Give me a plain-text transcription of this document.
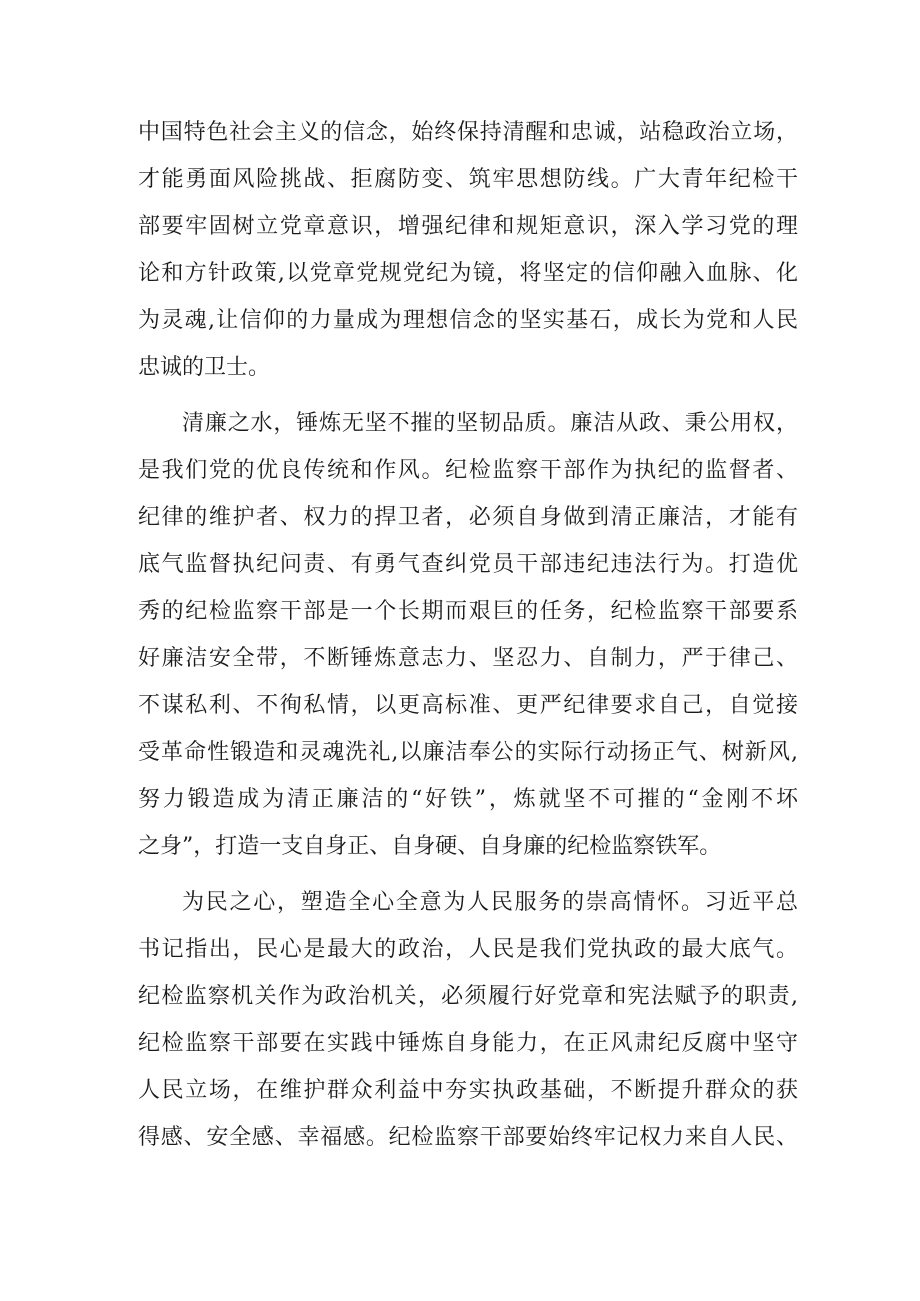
中国特色社会主义的信念，始终保持清醒和忠诚，站稳政治立场，
才能勇面风险挑战、拒腐防变、筑牢思想防线。广大青年纪检干
部要牢固树立党章意识，增强纪律和规矩意识，深入学习党的理
论和方针政策,以党章党规党纪为镜，将坚定的信仰融入血脉、化
为灵魂,让信仰的力量成为理想信念的坚实基石，成长为党和人民
忠诚的卫士。
清廉之水，锤炼无坚不摧的坚韧品质。廉洁从政、秉公用权，
是我们党的优良传统和作风。纪检监察干部作为执纪的监督者、
纪律的维护者、权力的捍卫者，必须自身做到清正廉洁，才能有
底气监督执纪问责、有勇气查纠党员干部违纪违法行为。打造优
秀的纪检监察干部是一个长期而艰巨的任务，纪检监察干部要系
好廉洁安全带，不断锤炼意志力、坚忍力、自制力，严于律己、
不谋私利、不徇私情，以更高标准、更严纪律要求自己，自觉接
受革命性锻造和灵魂洗礼,以廉洁奉公的实际行动扬正气、树新风,
努力锻造成为清正廉洁的“好铁”，炼就坚不可摧的“金刚不坏
之身”，打造一支自身正、自身硬、自身廉的纪检监察铁军。
为民之心，塑造全心全意为人民服务的崇高情怀。习近平总
书记指出，民心是最大的政治，人民是我们党执政的最大底气。
纪检监察机关作为政治机关，必须履行好党章和宪法赋予的职责,
纪检监察干部要在实践中锤炼自身能力，在正风肃纪反腐中坚守
人民立场，在维护群众利益中夯实执政基础，不断提升群众的获
得感、安全感、幸福感。纪检监察干部要始终牢记权力来自人民、
